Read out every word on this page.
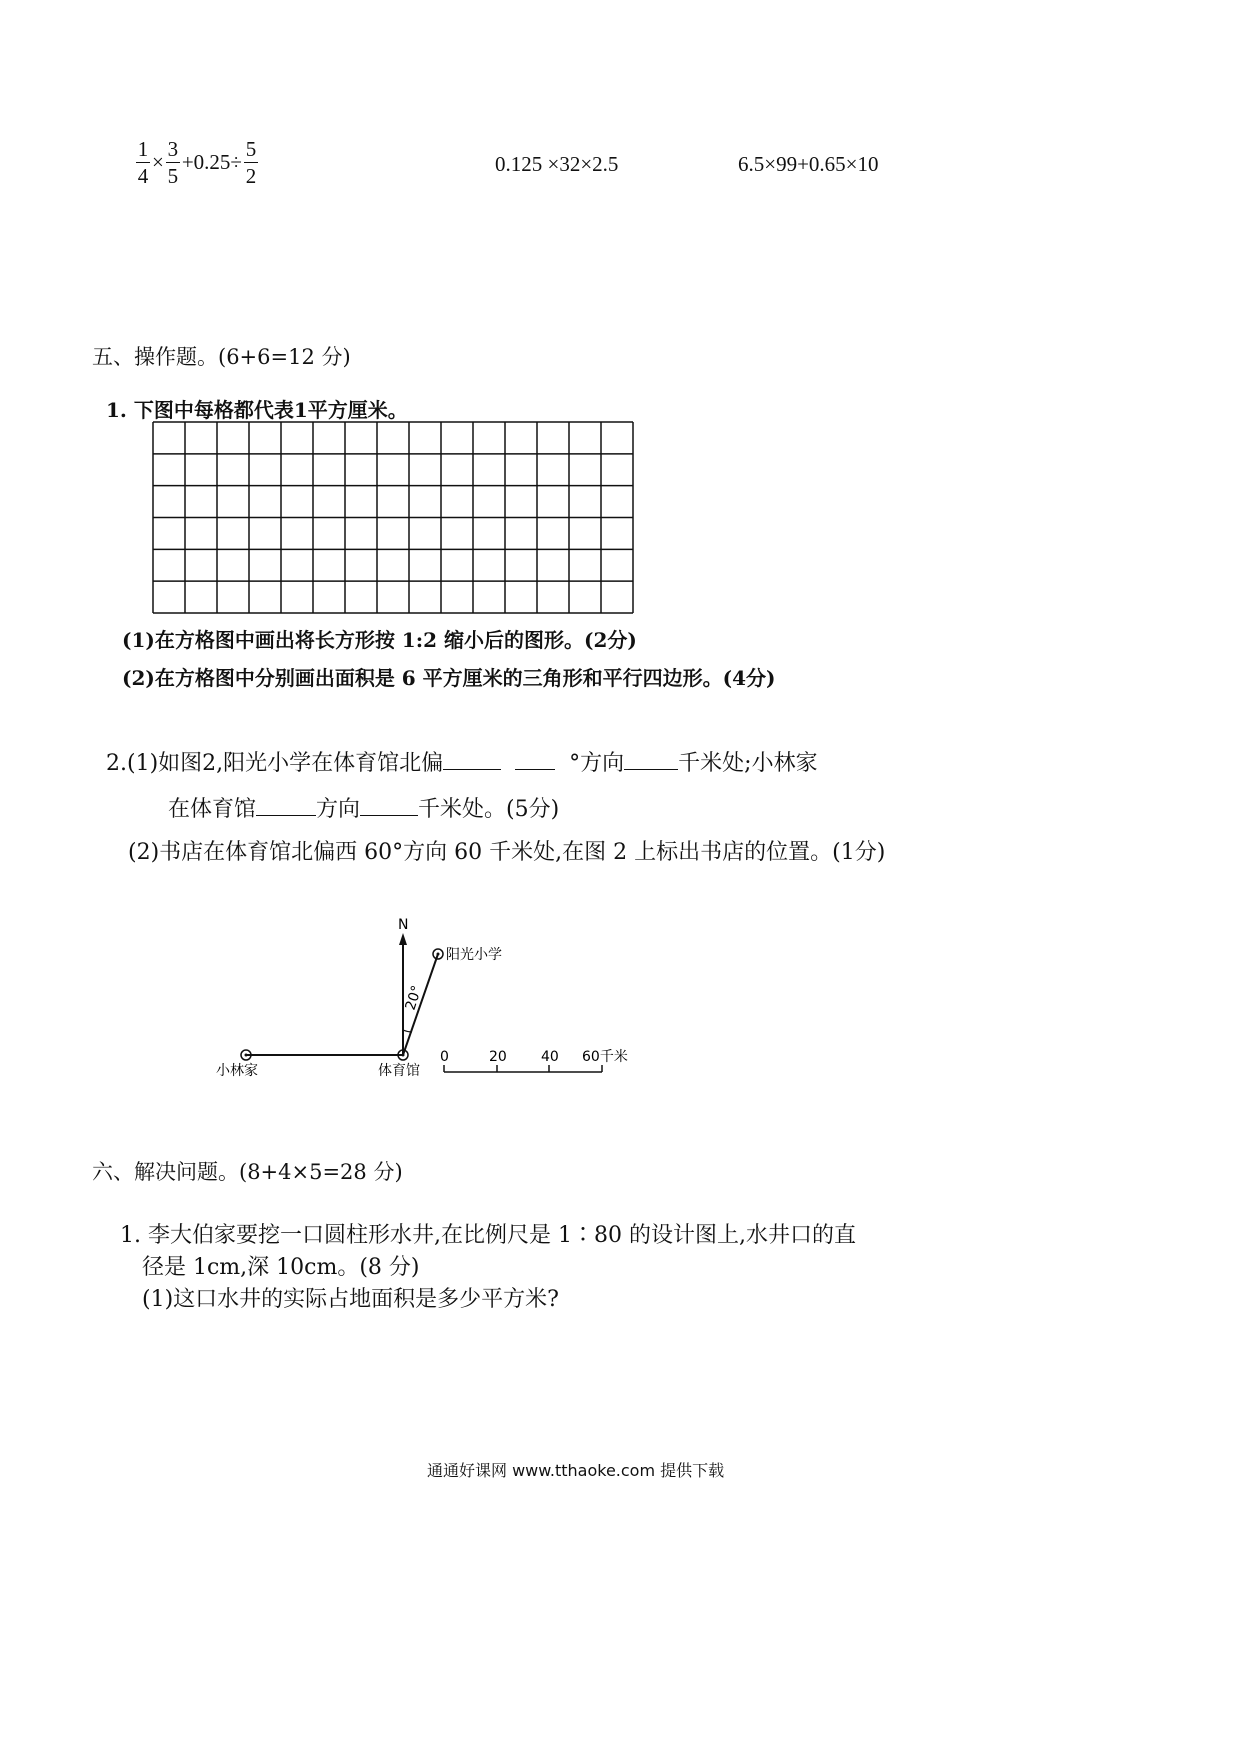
$\frac{1}{4} \times \frac{3}{5} +0.25\div \frac{5}{2}$	0.125 ×32×2.5	6.5×99+0.65×10
五、操作题。(6+6=12 分)
1. 下图中每格都代表1平方厘米。
(1)在方格图中画出将长方形按 1:2 缩小后的图形。(2分)
(2)在方格图中分别画出面积是 6 平方厘米的三角形和平行四边形。(4分)
2.(1)如图2,阳光小学在体育馆北偏	°方向 千米处;小林家
在体育馆	方向	千米处。(5分)
(2)书店在体育馆北偏西 60°方向 60 千米处,在图 2 上标出书店的位置。(1分)
N
阳光小学
20°
小林家	体育馆
0	20 40 60千米
六、解决问题。(8+4×5=28 分)
1. 李大伯家要挖一口圆柱形水井,在比例尺是 1∶80 的设计图上,水井口的直
径是 1cm,深 10cm。(8 分)
(1)这口水井的实际占地面积是多少平方米?
通通好课网 www.tthaoke.com 提供下载
